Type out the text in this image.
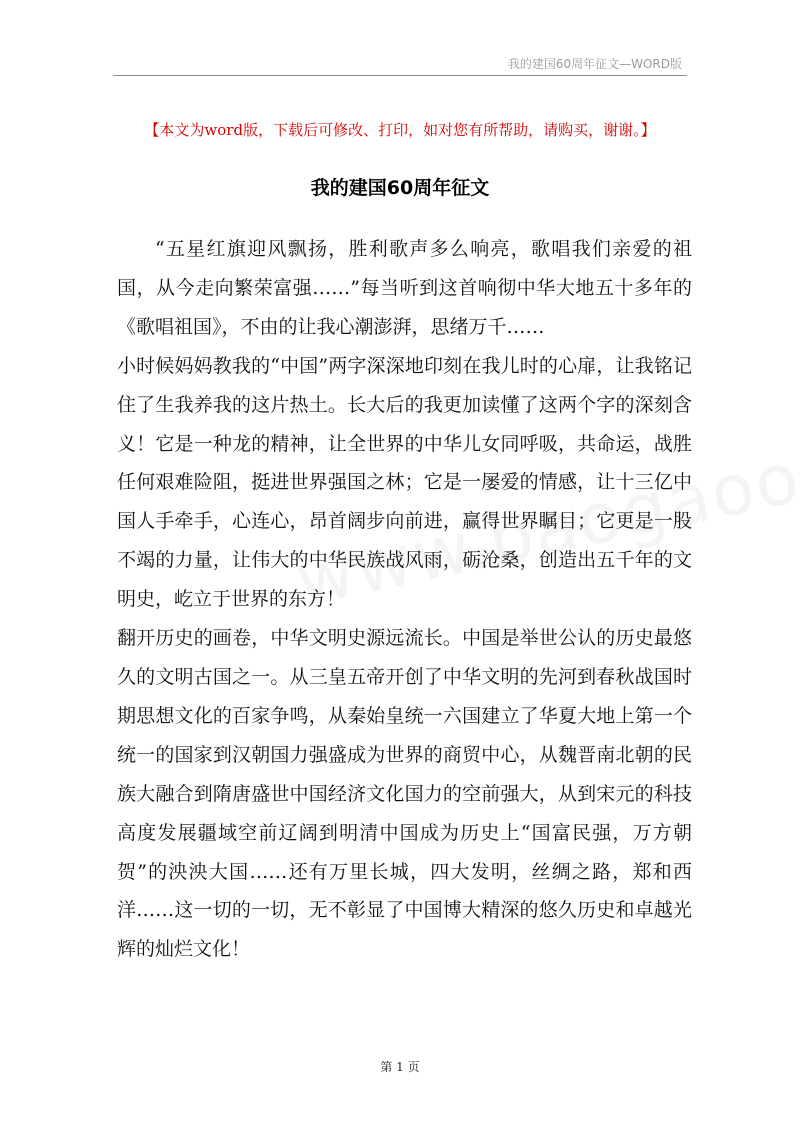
我的建国60周年征文—WORD版
【本文为word版，下载后可修改、打印，如对您有所帮助，请购买，谢谢。】
我的建国60周年征文

“五星红旗迎风飘扬，胜利歌声多么响亮，歌唱我们亲爱的祖国，从今走向繁荣富强……”每当听到这首响彻中华大地五十多年的《歌唱祖国》，不由的让我心潮澎湃，思绪万千……

小时候妈妈教我的“中国”两字深深地印刻在我儿时的心扉，让我铭记住了生我养我的这片热土。长大后的我更加读懂了这两个字的深刻含义！它是一种龙的精神，让全世界的中华儿女同呼吸，共命运，战胜任何艰难险阻，挺进世界强国之林；它是一屡爱的情感，让十三亿中国人手牵手，心连心，昂首阔步向前进，赢得世界瞩目；它更是一股不竭的力量，让伟大的中华民族战风雨，砺沧桑，创造出五千年的文明史，屹立于世界的东方！

翻开历史的画卷，中华文明史源远流长。中国是举世公认的历史最悠久的文明古国之一。从三皇五帝开创了中华文明的先河到春秋战国时期思想文化的百家争鸣，从秦始皇统一六国建立了华夏大地上第一个统一的国家到汉朝国力强盛成为世界的商贸中心，从魏晋南北朝的民族大融合到隋唐盛世中国经济文化国力的空前强大，从到宋元的科技高度发展疆域空前辽阔到明清中国成为历史上“国富民强，万方朝贺”的泱泱大国……还有万里长城，四大发明，丝绸之路，郑和西洋……这一切的一切，无不彰显了中国博大精深的悠久历史和卓越光辉的灿烂文化！

第 1 页
